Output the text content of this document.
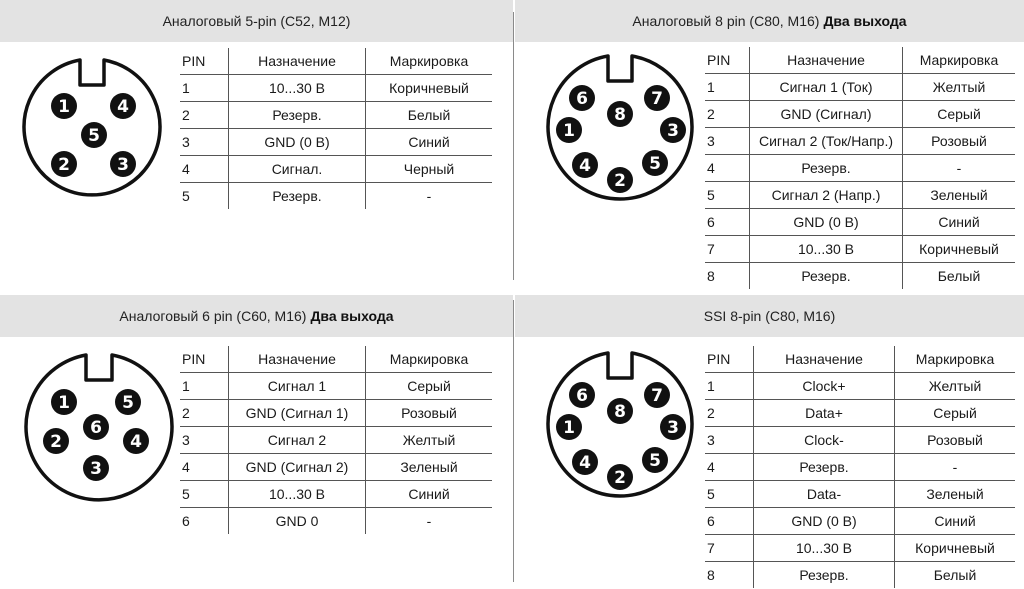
Аналоговый 5-pin (C52, M12)
1	4
5
2	3
PIN	Назначение	Маркировка
1	10...30 В	Коричневый
2	Резерв.	Белый
3	GND (0 В)	Синий
4	Сигнал.	Черный
5	Резерв.	-
Аналоговый 8 pin (C80, M16) Два выхода
6
8
7
1	3
4	5
2
PIN	Назначение	Маркировка
1	Сигнал 1 (Ток)	Желтый
2	GND (Сигнал)	Серый
3	Сигнал 2 (Ток/Напр.)	Розовый
4	Резерв.	-
5	Сигнал 2 (Напр.)	Зеленый
6	GND (0 В)	Синий
7	10...30 В	Коричневый
8	Резерв.	Белый
Аналоговый 6 pin (C60, M16) Два выхода
1	5
6
2	4
3
PIN	Назначение	Маркировка
1	Сигнал 1	Серый
2	GND (Сигнал 1)	Розовый
3	Сигнал 2	Желтый
4	GND (Сигнал 2)	Зеленый
5	10...30 В	Синий
6	GND 0	-
SSI 8-pin (C80, M16)
6
8
7
1	3
4	5
2
PIN	Назначение	Маркировка
1	Clock+	Желтый
2	Data+	Серый
3	Clock-	Розовый
4	Резерв.	-
5	Data-	Зеленый
6	GND (0 В)	Синий
7	10...30 В	Коричневый
8	Резерв.	Белый
